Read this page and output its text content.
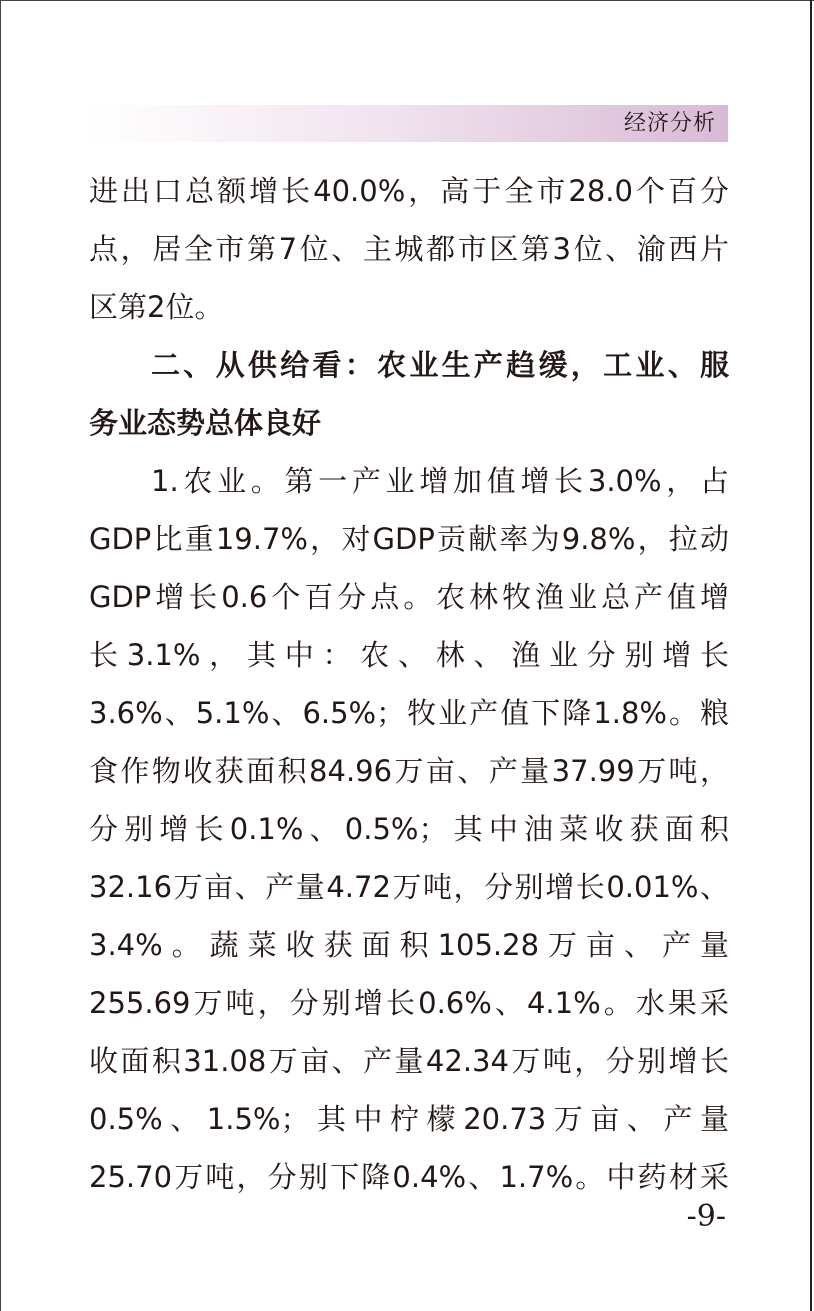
经济分析
进出口总额增长40.0%，高于全市28.0个百分
点，居全市第7位、主城都市区第3位、渝西片
区第2位。
二、从供给看：农业生产趋缓，工业、服
务业态势总体良好
1.农业。第一产业增加值增长3.0%，占
GDP比重19.7%，对GDP贡献率为9.8%，拉动
GDP增长0.6个百分点。农林牧渔业总产值增
长3.1%，其中：农、林、渔业分别增长
3.6%、5.1%、6.5%；牧业产值下降1.8%。粮
食作物收获面积84.96万亩、产量37.99万吨，
分别增长0.1%、0.5%；其中油菜收获面积
32.16万亩、产量4.72万吨，分别增长0.01%、
3.4%。蔬菜收获面积105.28万亩、产量
255.69万吨，分别增长0.6%、4.1%。水果采
收面积31.08万亩、产量42.34万吨，分别增长
0.5%、1.5%；其中柠檬20.73万亩、产量
25.70万吨，分别下降0.4%、1.7%。中药材采
-9-
